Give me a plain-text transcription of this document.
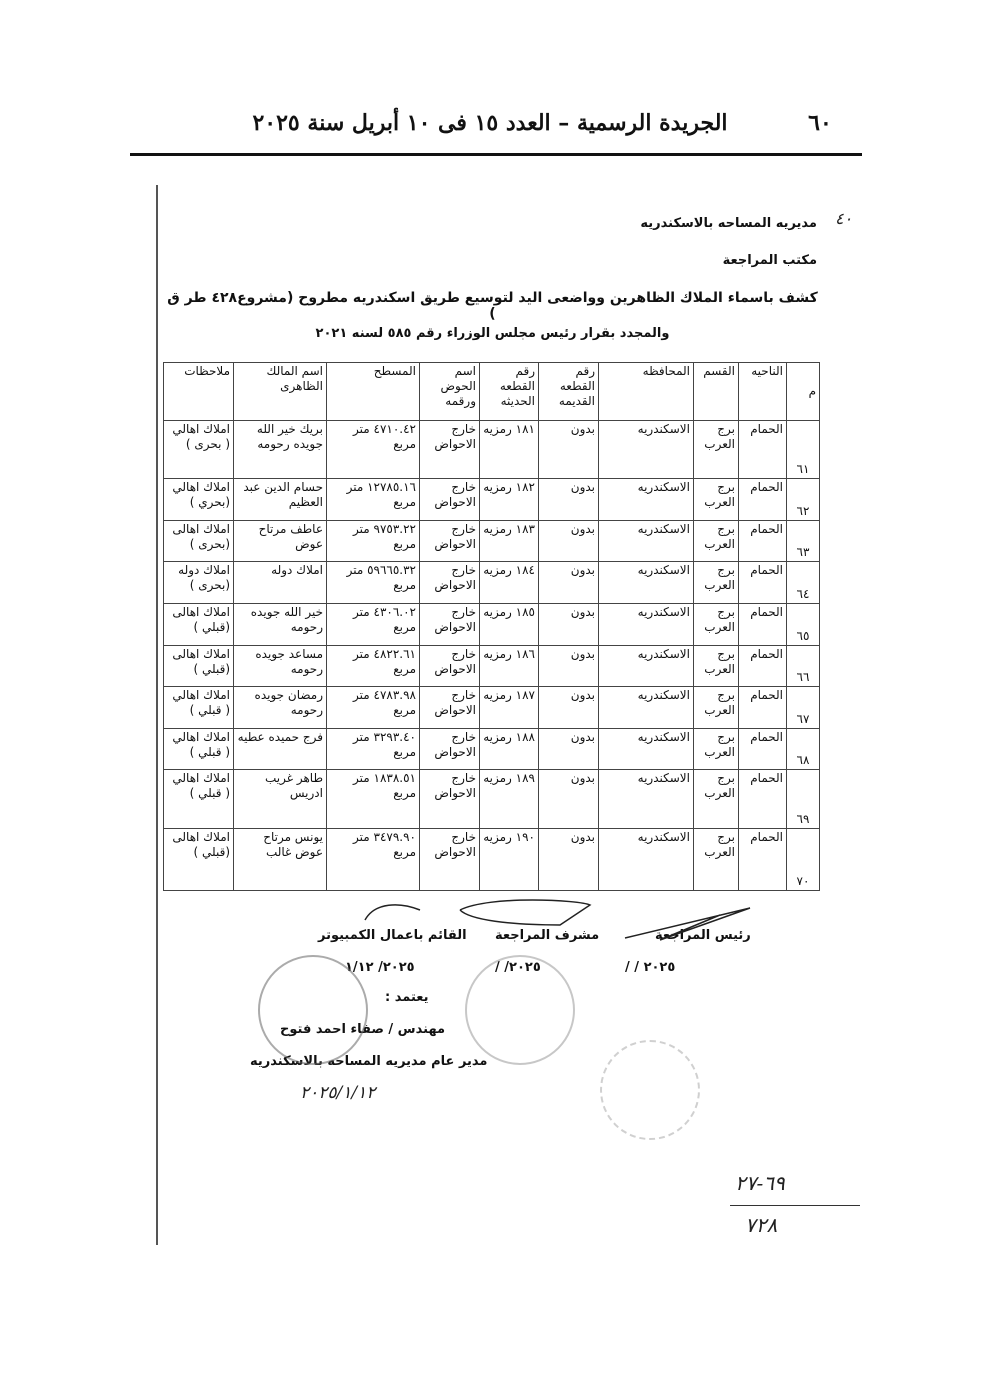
الجريدة الرسمية – العدد ١٥ فى ١٠ أبريل سنة ٢٠٢٥	٦٠
٤٠
مديريه المساحه بالاسكندريه
مكتب المراجعة
كشف باسماء الملاك الظاهرين وواضعى اليد لتوسيع طريق اسكندريه مطروح (مشروع٤٢٨ طر ق )
والمجدد بقرار رئيس مجلس الوزراء رقم ٥٨٥ لسنه ٢٠٢١
م	الناحيه	القسم	المحافظه	رقم القطعه القديمه	رقم القطعه الحديثه	اسم الحوض ورقمه	المسطح	اسم المالك الظاهرى	ملاحظات
٦١	الحمام	برج العرب	الاسكندريه	بدون	١٨١ رمزيه	خارج الاحواض	٤٧١٠.٤٢ متر مربع	بريك خير الله جويده رحومه	املاك اهالي ( بحرى )
٦٢	الحمام	برج العرب	الاسكندريه	بدون	١٨٢ رمزيه	خارج الاحواض	١٢٧٨٥.١٦ متر مربع	حسام الدين عبد العظيم	املاك اهالي (بحري )
٦٣	الحمام	برج العرب	الاسكندريه	بدون	١٨٣ رمزيه	خارج الاحواض	٩٧٥٣.٢٢ متر مربع	عاطف مرتاح عوض	املاك اهالى (بحرى )
٦٤	الحمام	برج العرب	الاسكندريه	بدون	١٨٤ رمزيه	خارج الاحواض	٥٩٦٦٥.٣٢ متر مربع	املاك دوله	املاك دوله (بحرى )
٦٥	الحمام	برج العرب	الاسكندريه	بدون	١٨٥ رمزيه	خارج الاحواض	٤٣٠٦.٠٢ متر مربع	خير الله جويده رحومه	املاك اهالى (قبلي )
٦٦	الحمام	برج العرب	الاسكندريه	بدون	١٨٦ رمزيه	خارج الاحواض	٤٨٢٢.٦١ متر مربع	مساعد جويده رحومه	املاك اهالى (قبلي )
٦٧	الحمام	برج العرب	الاسكندريه	بدون	١٨٧ رمزيه	خارج الاحواض	٤٧٨٣.٩٨ متر مربع	رمضان جويده رحومه	املاك اهالي ( قبلي )
٦٨	الحمام	برج العرب	الاسكندريه	بدون	١٨٨ رمزيه	خارج الاحواض	٣٢٩٣.٤٠ متر مربع	فرج حميده عطيه	املاك اهالي ( قبلي )
٦٩	الحمام	برج العرب	الاسكندريه	بدون	١٨٩ رمزيه	خارج الاحواض	١٨٣٨.٥١ متر مربع	طاهر غريب ادريس	املاك اهالي ( قبلي )
٧٠	الحمام	برج العرب	الاسكندريه	بدون	١٩٠ رمزيه	خارج الاحواض	٣٤٧٩.٩٠ متر مربع	يونس مرتاح عوض غالب	املاك اهالى (قبلي )
رئيس المراجعة
مشرف المراجعة
القائم باعمال الكمبيوتر
٢٠٢٥ / /
٢٠٢٥/ /
٢٠٢٥/ ١/١٢
يعتمد :
مهندس / صفاء احمد فتوح
مدير عام مديريه المساحه بالاسكندريه
٢٠٢٥/١/١٢
٦٩-٢٧
٧٢٨
